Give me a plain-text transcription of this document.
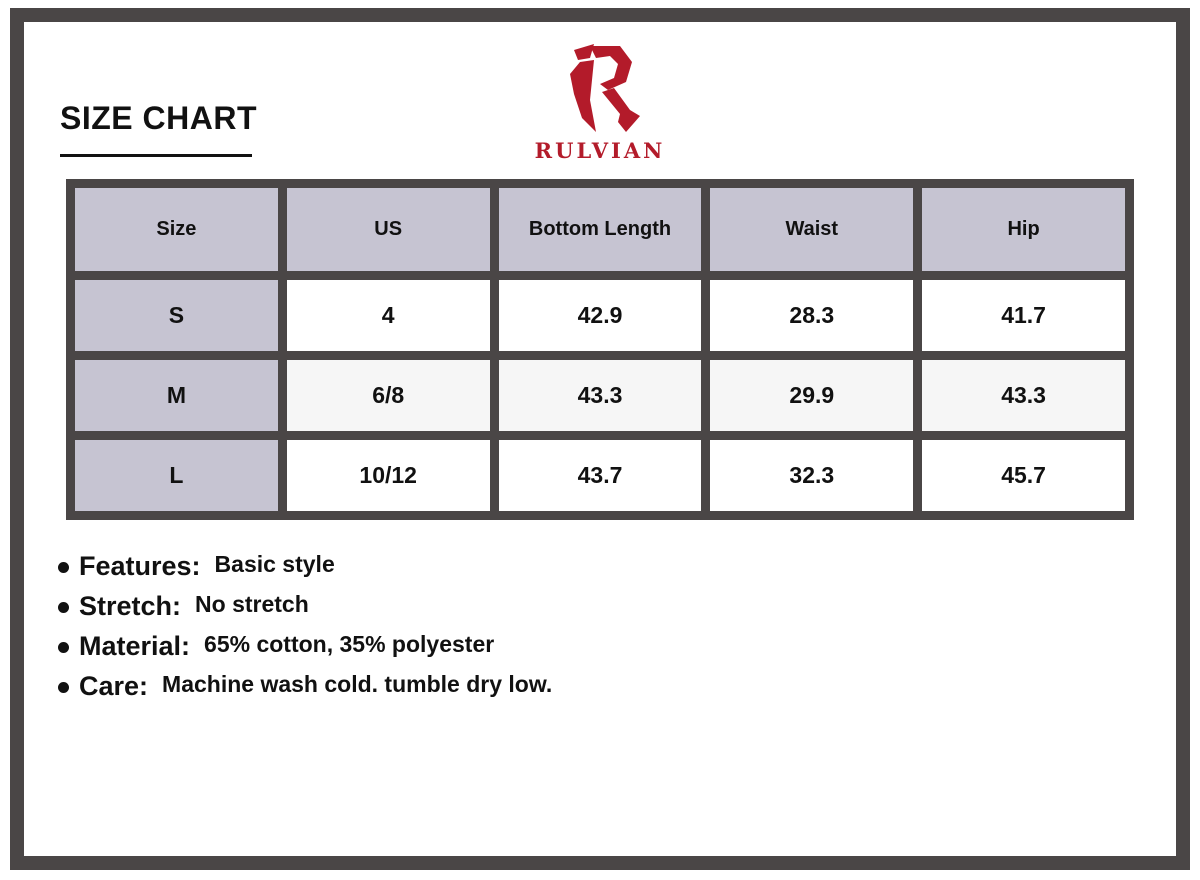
SIZE CHART
RULVIAN
Size	US	Bottom Length	Waist	Hip
S	4	42.9	28.3	41.7
M	6/8	43.3	29.9	43.3
L	10/12	43.7	32.3	45.7
Features: Basic style
Stretch: No stretch
Material: 65% cotton, 35% polyester
Care: Machine wash cold. tumble dry low.
